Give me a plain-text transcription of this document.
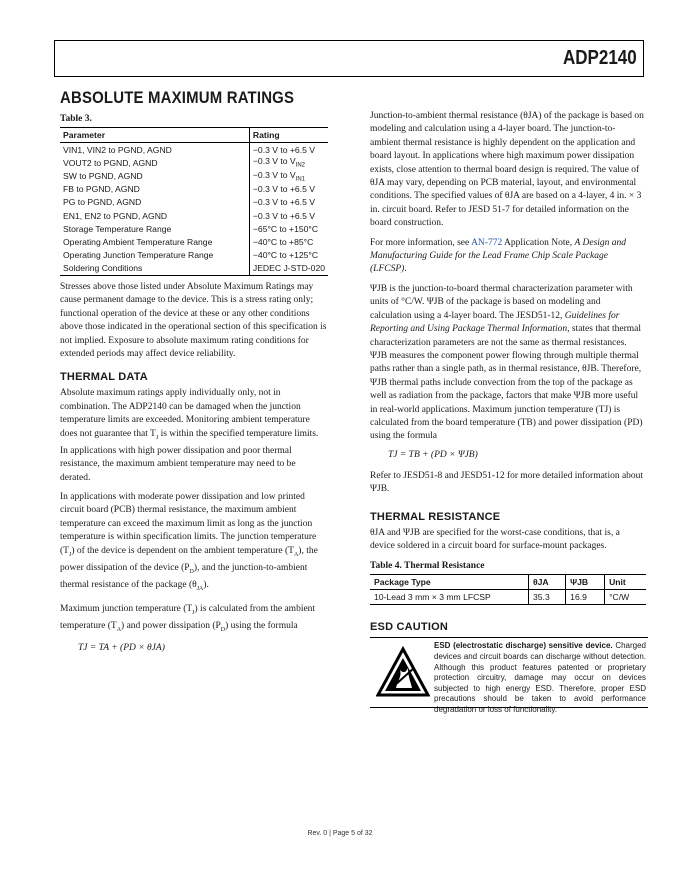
ADP2140
ABSOLUTE MAXIMUM RATINGS
Table 3.
Parameter	Rating
VIN1, VIN2 to PGND, AGND	−0.3 V to +6.5 V
VOUT2 to PGND, AGND	−0.3 V to $V_{IN2}$
SW to PGND, AGND	−0.3 V to $V_{IN1}$
FB to PGND, AGND	−0.3 V to +6.5 V
PG to PGND, AGND	−0.3 V to +6.5 V
EN1, EN2 to PGND, AGND	−0.3 V to +6.5 V
Storage Temperature Range	−65°C to +150°C
Operating Ambient Temperature Range	−40°C to +85°C
Operating Junction Temperature Range	−40°C to +125°C
Soldering Conditions	JEDEC J-STD-020

Stresses above those listed under Absolute Maximum Ratings may cause permanent damage to the device. This is a stress rating only; functional operation of the device at these or any other conditions above those indicated in the operational section of this specification is not implied. Exposure to absolute maximum rating conditions for extended periods may affect device reliability.

THERMAL DATA

Absolute maximum ratings apply individually only, not in combination. The ADP2140 can be damaged when the junction temperature limits are exceeded. Monitoring ambient temperature does not guarantee that $T_J$ is within the specified temperature limits. In applications with high power dissipation and poor thermal resistance, the maximum ambient temperature may need to be derated.

In applications with moderate power dissipation and low printed circuit board (PCB) thermal resistance, the maximum ambient temperature can exceed the maximum limit as long as the junction temperature is within specification limits. The junction temperature $(T_J)$ of the device is dependent on the ambient temperature $(T_A)$, the power dissipation of the device $(P_D)$, and the junction-to-ambient thermal resistance of the package $(\theta_{JA})$.

Maximum junction temperature $(T_J)$ is calculated from the ambient temperature $(T_A)$ and power dissipation $(P_D)$ using the formula

TJ = TA + (PD × θJA)

Junction-to-ambient thermal resistance (θJA) of the package is based on modeling and calculation using a 4-layer board. The junction-to-ambient thermal resistance is highly dependent on the application and board layout. In applications where high maximum power dissipation exists, close attention to thermal board design is required. The value of θJA may vary, depending on PCB material, layout, and environmental conditions. The specified values of θJA are based on a 4-layer, 4 in. × 3 in. circuit board. Refer to JESD 51-7 for detailed information on the board construction.

For more information, see AN-772 Application Note, A Design and Manufacturing Guide for the Lead Frame Chip Scale Package (LFCSP).

ΨJB is the junction-to-board thermal characterization parameter with units of °C/W. ΨJB of the package is based on modeling and calculation using a 4-layer board. The JESD51-12, Guidelines for Reporting and Using Package Thermal Information, states that thermal characterization parameters are not the same as thermal resistances. ΨJB measures the component power flowing through multiple thermal paths rather than a single path, as in thermal resistance, θJB. Therefore, ΨJB thermal paths include convection from the top of the package as well as radiation from the package, factors that make ΨJB more useful in real-world applications. Maximum junction temperature (TJ) is calculated from the board temperature (TB) and power dissipation (PD) using the formula

TJ = TB + (PD × ΨJB)

Refer to JESD51-8 and JESD51-12 for more detailed information about ΨJB.

THERMAL RESISTANCE

θJA and ΨJB are specified for the worst-case conditions, that is, a device soldered in a circuit board for surface-mount packages.

Table 4. Thermal Resistance
Package Type	θJA	ΨJB	Unit
10-Lead 3 mm × 3 mm LFCSP	35.3	16.9	°C/W
ESD CAUTION
ESD (electrostatic discharge) sensitive device. Charged devices and circuit boards can discharge without detection. Although this product features patented or proprietary protection circuitry, damage may occur on devices subjected to high energy ESD. Therefore, proper ESD precautions should be taken to avoid performance degradation or loss of functionality.
Rev. 0 | Page 5 of 32
